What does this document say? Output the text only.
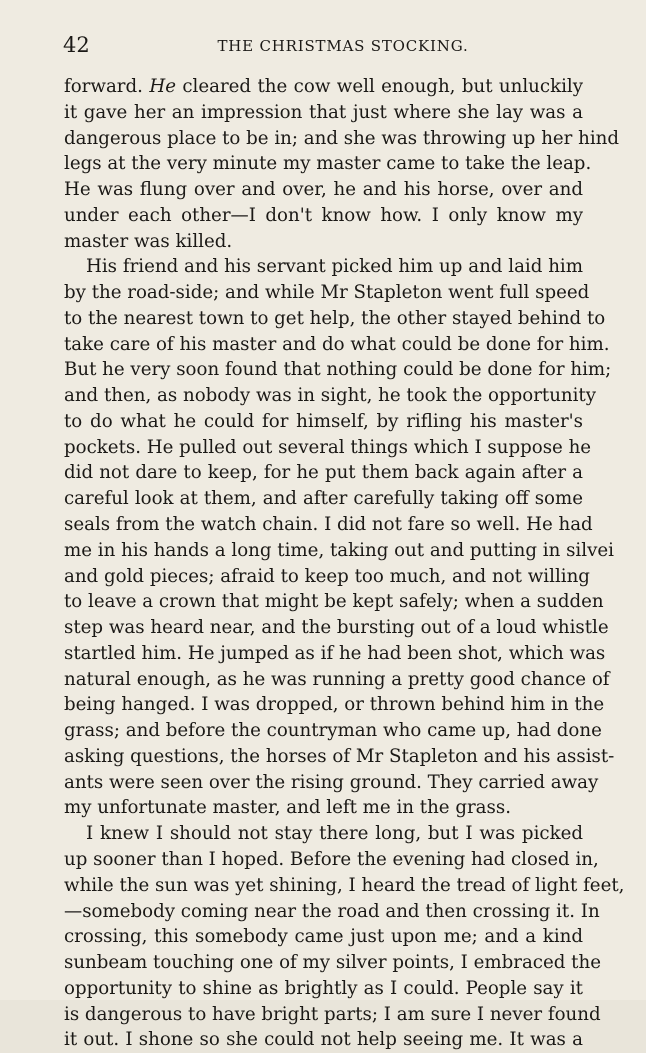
42	THE CHRISTMAS STOCKING.
forward. He cleared the cow well enough, but unluckily
it gave her an impression that just where she lay was a
dangerous place to be in; and she was throwing up her hind
legs at the very minute my master came to take the leap.
He was flung over and over, he and his horse, over and
under each other—I don't know how. I only know my
master was killed.
His friend and his servant picked him up and laid him
by the road-side; and while Mr Stapleton went full speed
to the nearest town to get help, the other stayed behind to
take care of his master and do what could be done for him.
But he very soon found that nothing could be done for him;
and then, as nobody was in sight, he took the opportunity
to do what he could for himself, by rifling his master's
pockets. He pulled out several things which I suppose he
did not dare to keep, for he put them back again after a
careful look at them, and after carefully taking off some
seals from the watch chain. I did not fare so well. He had
me in his hands a long time, taking out and putting in silvei
and gold pieces; afraid to keep too much, and not willing
to leave a crown that might be kept safely; when a sudden
step was heard near, and the bursting out of a loud whistle
startled him. He jumped as if he had been shot, which was
natural enough, as he was running a pretty good chance of
being hanged. I was dropped, or thrown behind him in the
grass; and before the countryman who came up, had done
asking questions, the horses of Mr Stapleton and his assist-
ants were seen over the rising ground. They carried away
my unfortunate master, and left me in the grass.
I knew I should not stay there long, but I was picked
up sooner than I hoped. Before the evening had closed in,
while the sun was yet shining, I heard the tread of light feet,
—somebody coming near the road and then crossing it. In
crossing, this somebody came just upon me; and a kind
sunbeam touching one of my silver points, I embraced the
opportunity to shine as brightly as I could. People say it
is dangerous to have bright parts; I am sure I never found
it out. I shone so she could not help seeing me. It was a
